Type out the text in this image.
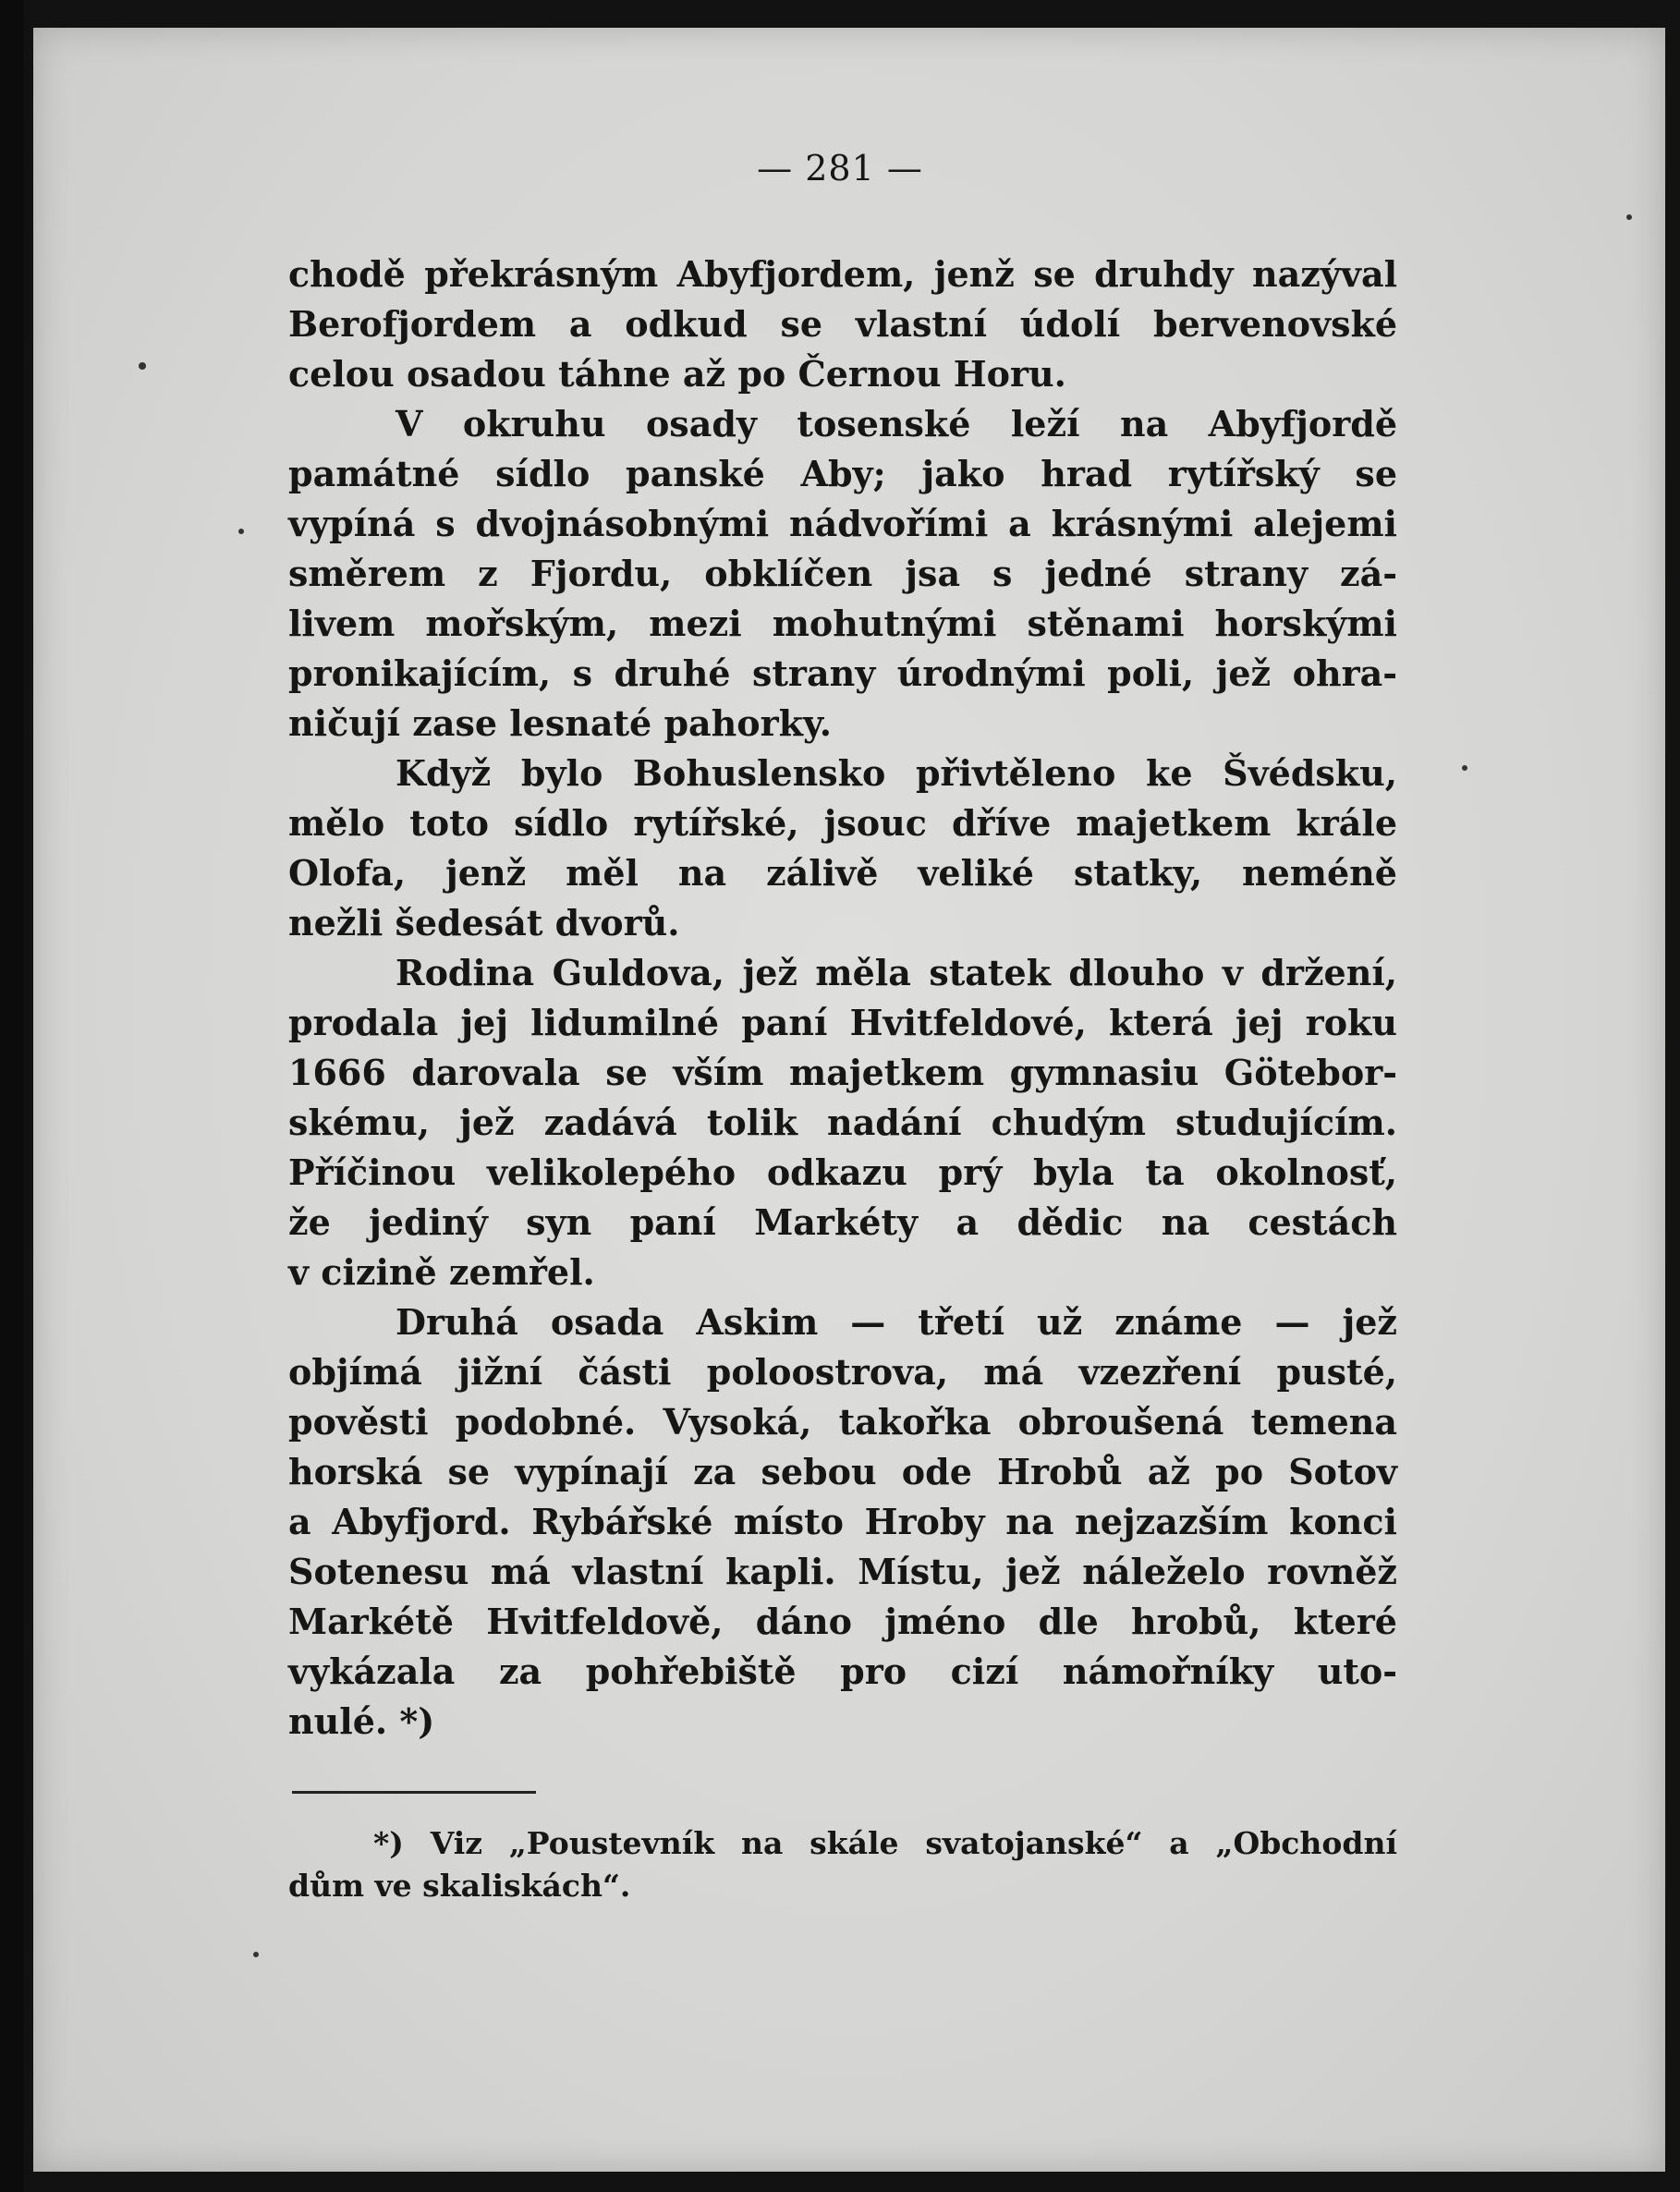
— 281 —
chodě překrásným Abyfjordem, jenž se druhdy nazýval
Berofjordem a odkud se vlastní údolí bervenovské
celou osadou táhne až po Černou Horu.
V okruhu osady tosenské leží na Abyfjordě
památné sídlo panské Aby; jako hrad rytířský se
vypíná s dvojnásobnými nádvořími a krásnými alejemi
směrem z Fjordu, obklíčen jsa s jedné strany zá-
livem mořským, mezi mohutnými stěnami horskými
pronikajícím, s druhé strany úrodnými poli, jež ohra-
ničují zase lesnaté pahorky.
Když bylo Bohuslensko přivtěleno ke Švédsku,
mělo toto sídlo rytířské, jsouc dříve majetkem krále
Olofa, jenž měl na zálivě veliké statky, neméně
nežli šedesát dvorů.
Rodina Guldova, jež měla statek dlouho v držení,
prodala jej lidumilné paní Hvitfeldové, která jej roku
1666 darovala se vším majetkem gymnasiu Götebor-
skému, jež zadává tolik nadání chudým studujícím.
Příčinou velikolepého odkazu prý byla ta okolnosť,
že jediný syn paní Markéty a dědic na cestách
v cizině zemřel.
Druhá osada Askim — třetí už známe — jež
objímá jižní části poloostrova, má vzezření pusté,
pověsti podobné. Vysoká, takořka obroušená temena
horská se vypínají za sebou ode Hrobů až po Sotov
a Abyfjord. Rybářské místo Hroby na nejzazším konci
Sotenesu má vlastní kapli. Místu, jež náleželo rovněž
Markétě Hvitfeldově, dáno jméno dle hrobů, které
vykázala za pohřebiště pro cizí námořníky uto-
nulé. *)
*) Viz „Poustevník na skále svatojanské“ a „Obchodní
dům ve skaliskách“.
